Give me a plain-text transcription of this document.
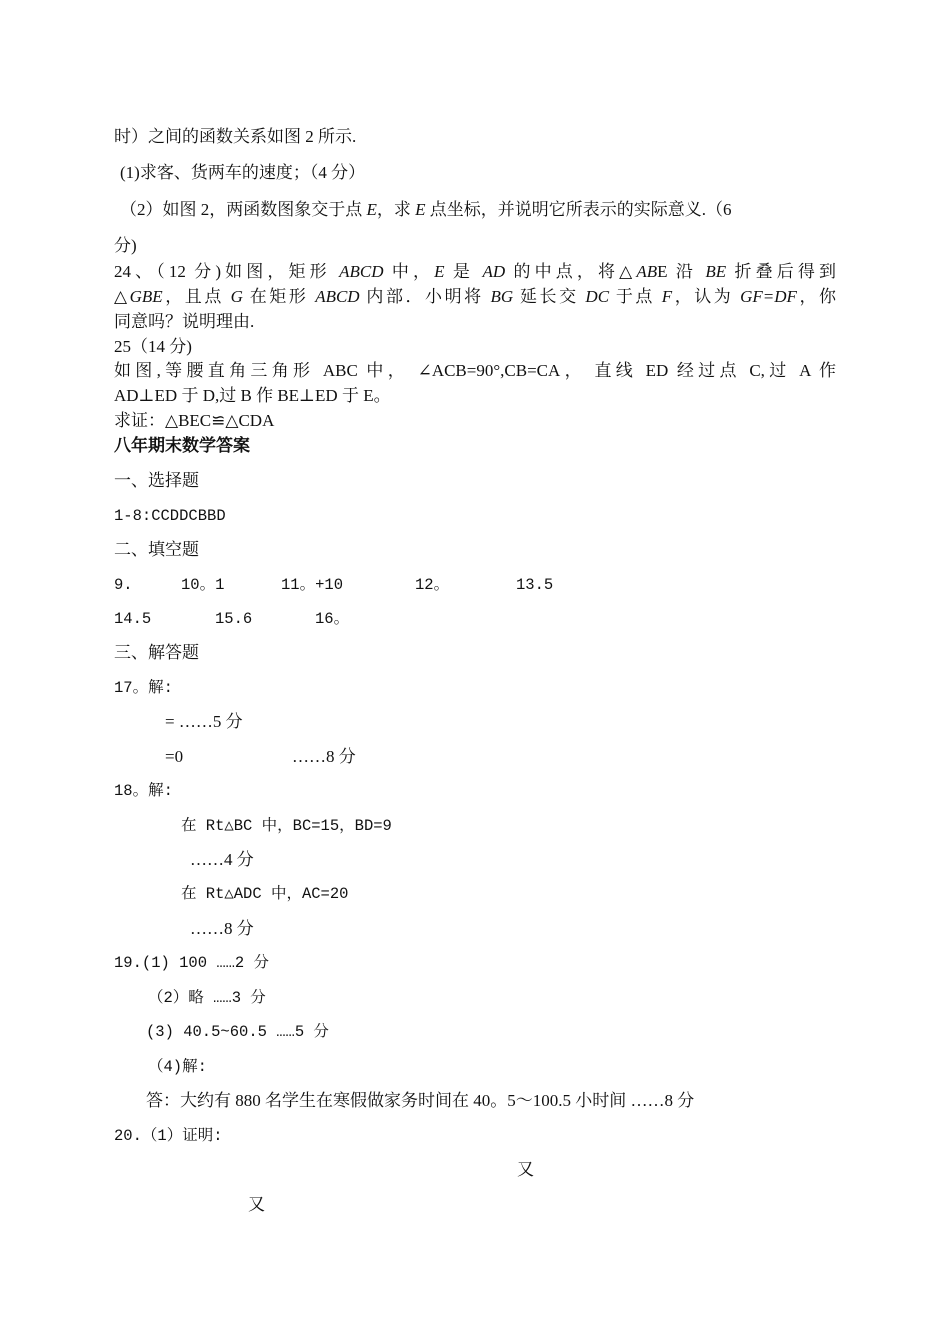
时）之间的函数关系如图 2 所示.
(1)求客、货两车的速度；（4 分）
（2）如图 2，两函数图象交于点 E，求 E 点坐标，并说明它所表示的实际意义.（6
分)
24、（12 分)如图，矩形 ABCD 中，E 是 AD 的中点，将△ABE 沿 BE 折叠后得到
△GBE，且点 G 在矩形 ABCD 内部．小明将 BG 延长交 DC 于点 F，认为 GF=DF，你
同意吗？说明理由.
25（14 分)
如图,等腰直角三角形 ABC 中， ∠ACB=90°,CB=CA， 直线 ED 经过点 C,过 A 作
AD⊥ED 于 D,过 B 作 BE⊥ED 于 E。
求证：△BEC≌△CDA
八年期末数学答案
一、选择题
1-8:CCDDCBBD
二、填空题
9.	10。1	11。+10	12。	13.5
14.5	15.6	16。
三、解答题
17。解:
= ……5 分
=0	……8 分
18。解:
在 Rt△BC 中，BC=15，BD=9
……4 分
在 Rt△ADC 中，AC=20
……8 分
19.(1) 100 ……2 分
（2）略 ……3 分
(3) 40.5~60.5 ……5 分
（4)解:
答：大约有 880 名学生在寒假做家务时间在 40。5～100.5 小时间 ……8 分
20.（1）证明:
又
又
